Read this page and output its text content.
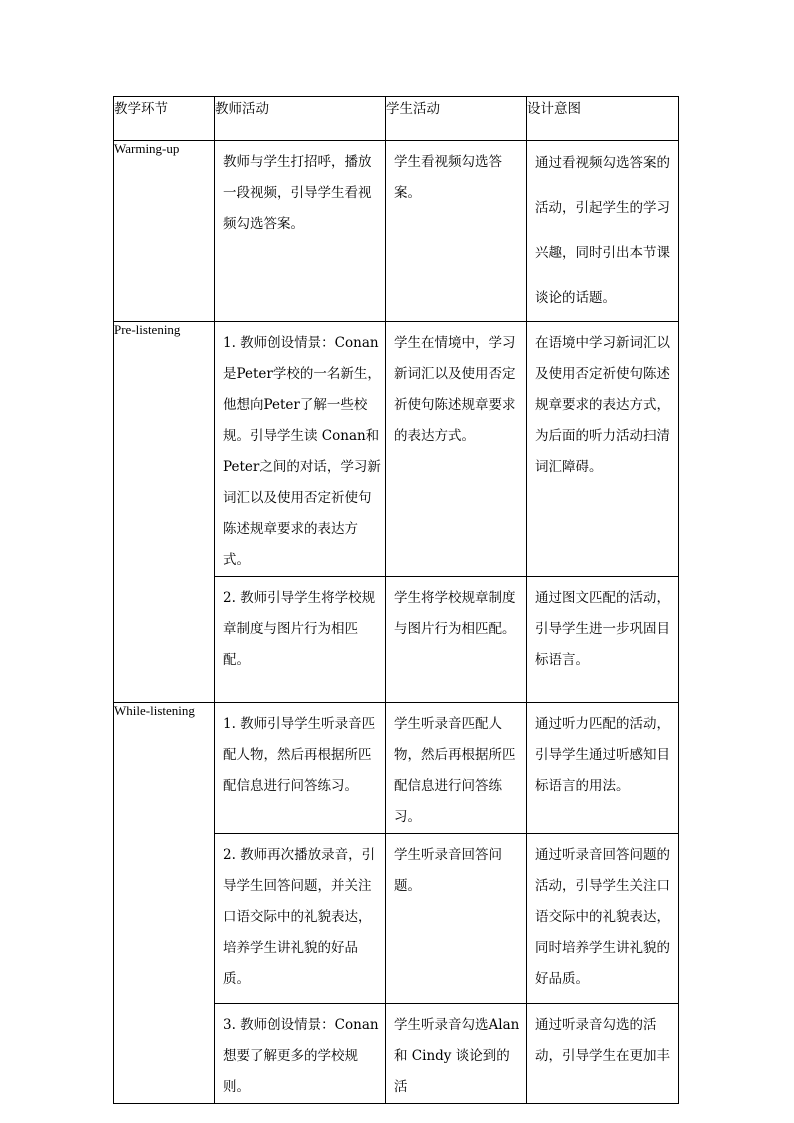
教学环节	教师活动	学生活动	设计意图
Warming-up	教师与学生打招呼，播放一段视频，引导学生看视频勾选答案。	学生看视频勾选答案。	通过看视频勾选答案的活动，引起学生的学习兴趣，同时引出本节课谈论的话题。

Pre-listening	1. 教师创设情景：Conan是Peter学校的一名新生，他想向Peter了解一些校规。引导学生读 Conan和Peter之间的对话，学习新词汇以及使用否定祈使句陈述规章要求的表达方式。	学生在情境中，学习新词汇以及使用否定祈使句陈述规章要求的表达方式。	在语境中学习新词汇以及使用否定祈使句陈述规章要求的表达方式，为后面的听力活动扫清词汇障碍。

	2. 教师引导学生将学校规章制度与图片行为相匹配。	学生将学校规章制度与图片行为相匹配。	通过图文匹配的活动，引导学生进一步巩固目标语言。

While-listening	1. 教师引导学生听录音匹配人物，然后再根据所匹配信息进行问答练习。	学生听录音匹配人物，然后再根据所匹配信息进行问答练习。	通过听力匹配的活动，引导学生通过听感知目标语言的用法。

	2. 教师再次播放录音，引导学生回答问题，并关注口语交际中的礼貌表达，培养学生讲礼貌的好品质。	学生听录音回答问题。	通过听录音回答问题的活动，引导学生关注口语交际中的礼貌表达，同时培养学生讲礼貌的好品质。

	3. 教师创设情景：Conan想要了解更多的学校规则。	学生听录音勾选Alan和 Cindy 谈论到的活	通过听录音勾选的活动，引导学生在更加丰
